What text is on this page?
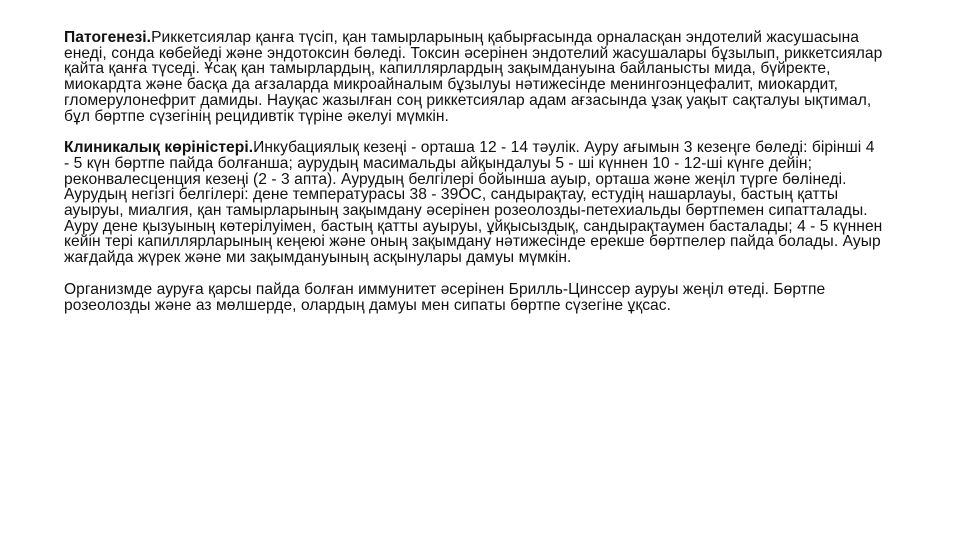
Патогенезі.Риккетсиялар қанға түсіп, қан тамырларының қабырғасында орналасқан эндотелий жасушасына енеді, сонда көбейеді және эндотоксин бөледі. Токсин әсерінен эндотелий жасушалары бұзылып, риккетсиялар қайта қанға түседі. Ұсақ қан тамырлардың, капиллярлардың зақымдануына байланысты мида, бүйректе, миокардта және басқа да ағзаларда микроайналым бұзылуы нәтижесінде менингоэнцефалит, миокардит, гломерулонефрит дамиды. Науқас жазылған соң риккетсиялар адам ағзасында ұзақ уақыт сақталуы ықтимал, бұл бөртпе сүзегінің рецидивтік түріне әкелуі мүмкін.

Клиникалық көріністері.Инкубациялық кезеңі - орташа 12 - 14 тәулік. Ауру ағымын 3 кезеңге бөледі: бірінші 4 - 5 күн бөртпе пайда болғанша; аурудың масимальды айқындалуы 5 - ші күннен 10 - 12-ші күнге дейін; реконвалесценция кезеңі (2 - 3 апта). Аурудың белгілері бойынша ауыр, орташа және жеңіл түрге бөлінеді. Аурудың негізгі белгілері: дене температурасы 38 - 39ОС, сандырақтау, естудің нашарлауы, бастың қатты ауыруы, миалгия, қан тамырларының зақымдану әсерінен розеолозды-петехиальды бөртпемен сипатталады. Ауру дене қызуының көтерілуімен, бастың қатты ауыруы, ұйқысыздық, сандырақтаумен басталады; 4 - 5 күннен кейін тері капиллярларының кеңеюі және оның зақымдану нәтижесінде ерекше бөртпелер пайда болады. Ауыр жағдайда жүрек және ми зақымдануының асқынулары дамуы мүмкін.

Организмде ауруға қарсы пайда болған иммунитет әсерінен Брилль-Цинссер ауруы жеңіл өтеді. Бөртпе розеолозды және аз мөлшерде, олардың дамуы мен сипаты бөртпе сүзегіне ұқсас.
